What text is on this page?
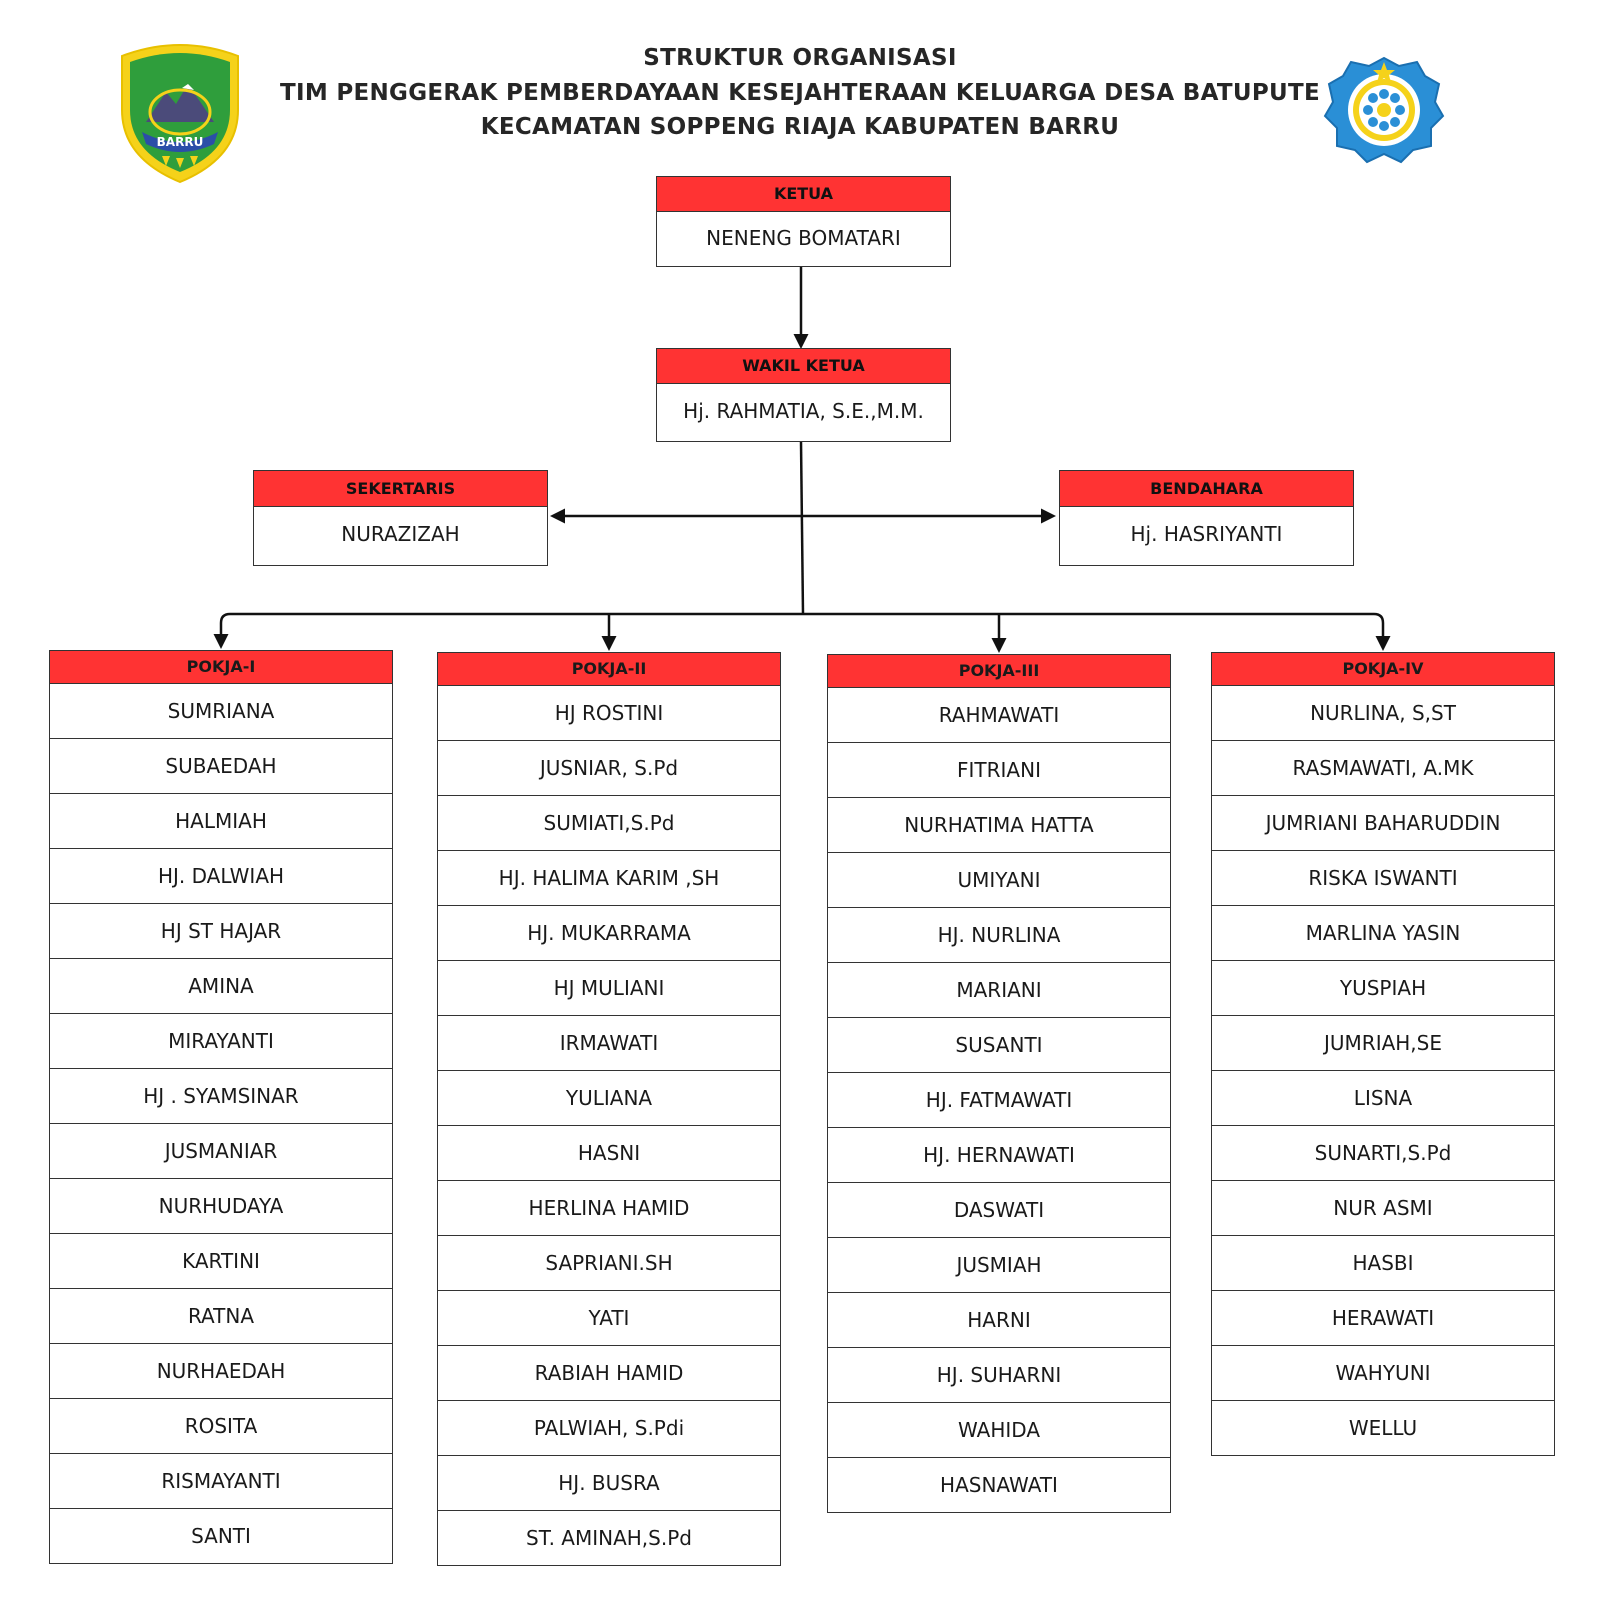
STRUKTUR ORGANISASI
TIM PENGGERAK PEMBERDAYAAN KESEJAHTERAAN KELUARGA DESA BATUPUTE
KECAMATAN SOPPENG RIAJA KABUPATEN BARRU
BARRU
KETUA
NENENG BOMATARI
WAKIL KETUA
Hj. RAHMATIA, S.E.,M.M.
SEKERTARIS
NURAZIZAH
BENDAHARA
Hj. HASRIYANTI
POKJA-I
SUMRIANA
SUBAEDAH
HALMIAH
HJ. DALWIAH
HJ ST HAJAR
AMINA
MIRAYANTI
HJ . SYAMSINAR
JUSMANIAR
NURHUDAYA
KARTINI
RATNA
NURHAEDAH
ROSITA
RISMAYANTI
SANTI
POKJA-II
HJ ROSTINI
JUSNIAR, S.Pd
SUMIATI,S.Pd
HJ. HALIMA KARIM ,SH
HJ. MUKARRAMA
HJ MULIANI
IRMAWATI
YULIANA
HASNI
HERLINA HAMID
SAPRIANI.SH
YATI
RABIAH HAMID
PALWIAH, S.Pdi
HJ. BUSRA
ST. AMINAH,S.Pd
POKJA-III
RAHMAWATI
FITRIANI
NURHATIMA HATTA
UMIYANI
HJ. NURLINA
MARIANI
SUSANTI
HJ. FATMAWATI
HJ. HERNAWATI
DASWATI
JUSMIAH
HARNI
HJ. SUHARNI
WAHIDA
HASNAWATI
POKJA-IV
NURLINA, S,ST
RASMAWATI, A.MK
JUMRIANI BAHARUDDIN
RISKA ISWANTI
MARLINA YASIN
YUSPIAH
JUMRIAH,SE
LISNA
SUNARTI,S.Pd
NUR ASMI
HASBI
HERAWATI
WAHYUNI
WELLU
